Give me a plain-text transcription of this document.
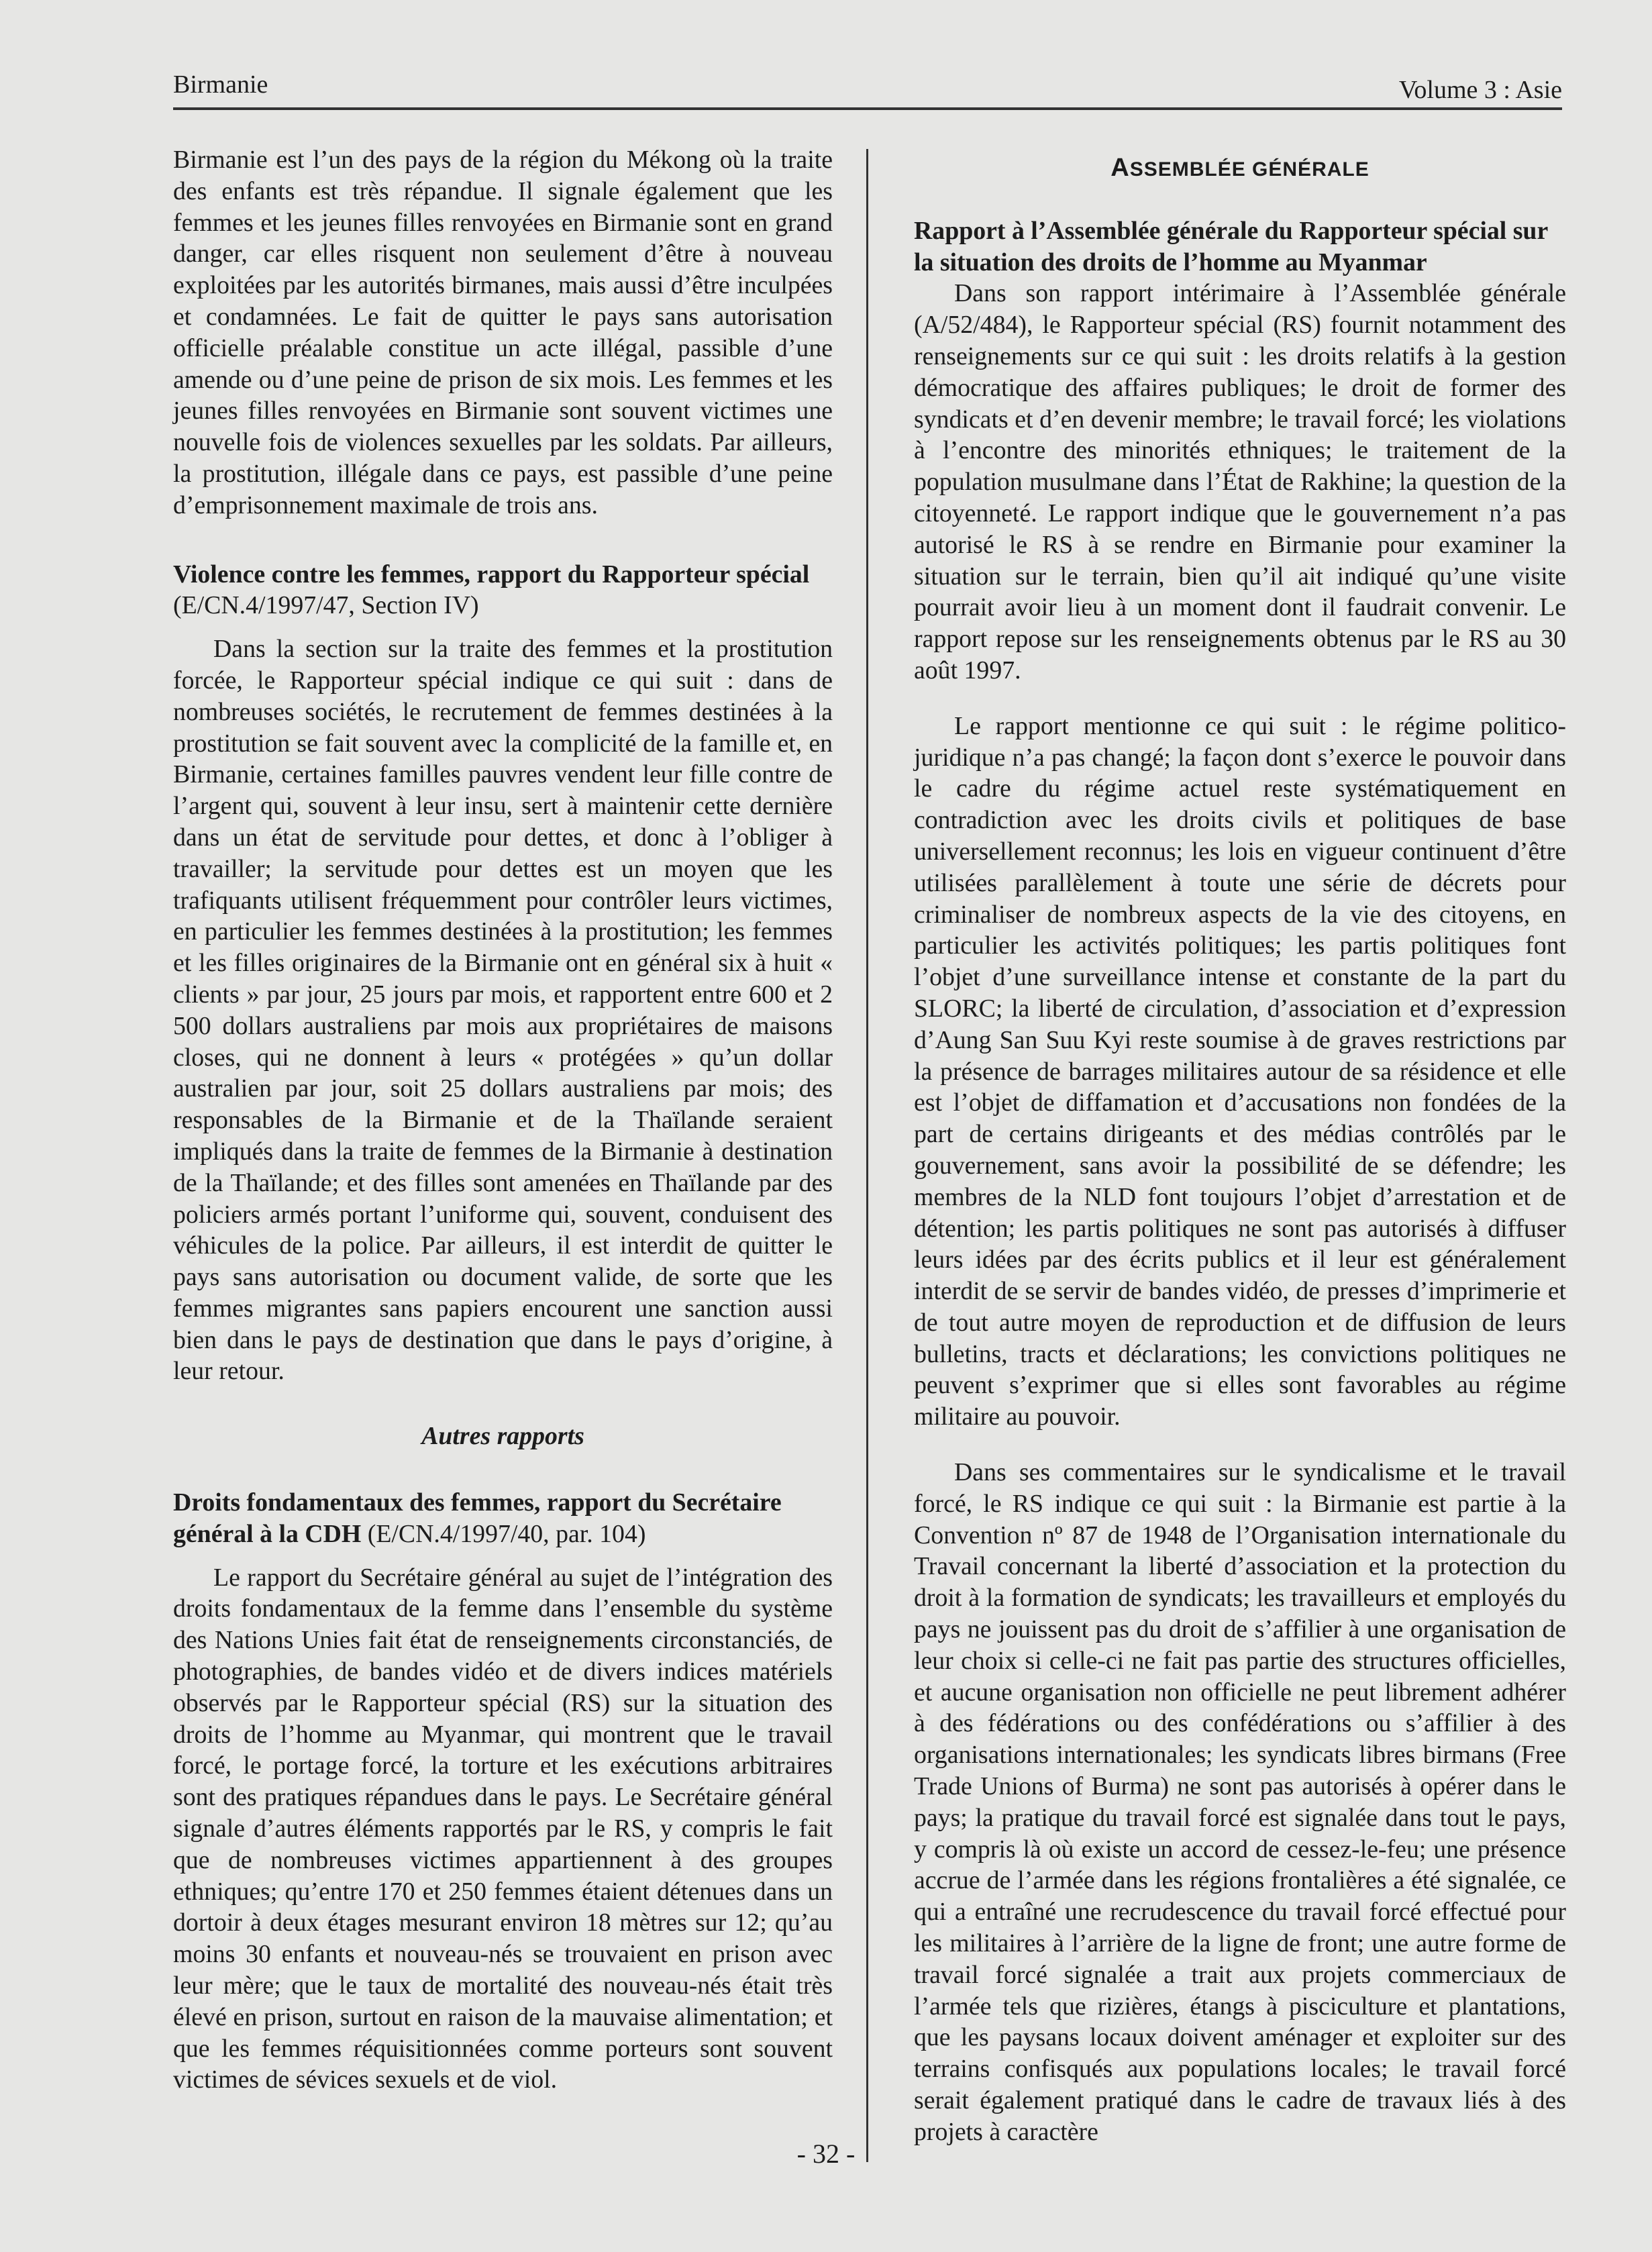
Birmanie	Volume 3 : Asie

Birmanie est l’un des pays de la région du Mékong où la traite des enfants est très répandue. Il signale également que les femmes et les jeunes filles renvoyées en Birmanie sont en grand danger, car elles risquent non seulement d’être à nouveau exploitées par les autorités birmanes, mais aussi d’être inculpées et condamnées. Le fait de quitter le pays sans autorisation officielle préalable constitue un acte illégal, passible d’une amende ou d’une peine de prison de six mois. Les femmes et les jeunes filles renvoyées en Birmanie sont souvent victimes une nouvelle fois de violences sexuelles par les soldats. Par ailleurs, la prostitution, illégale dans ce pays, est passible d’une peine d’emprisonnement maximale de trois ans.

Violence contre les femmes, rapport du Rapporteur spécial (E/CN.4/1997/47, Section IV)

Dans la section sur la traite des femmes et la prostitution forcée, le Rapporteur spécial indique ce qui suit : dans de nombreuses sociétés, le recrutement de femmes destinées à la prostitution se fait souvent avec la complicité de la famille et, en Birmanie, certaines familles pauvres vendent leur fille contre de l’argent qui, souvent à leur insu, sert à maintenir cette dernière dans un état de servitude pour dettes, et donc à l’obliger à travailler; la servitude pour dettes est un moyen que les trafiquants utilisent fréquemment pour contrôler leurs victimes, en particulier les femmes destinées à la prostitution; les femmes et les filles originaires de la Birmanie ont en général six à huit « clients » par jour, 25 jours par mois, et rapportent entre 600 et 2 500 dollars australiens par mois aux propriétaires de maisons closes, qui ne donnent à leurs « protégées » qu’un dollar australien par jour, soit 25 dollars australiens par mois; des responsables de la Birmanie et de la Thaïlande seraient impliqués dans la traite de femmes de la Birmanie à destination de la Thaïlande; et des filles sont amenées en Thaïlande par des policiers armés portant l’uniforme qui, souvent, conduisent des véhicules de la police. Par ailleurs, il est interdit de quitter le pays sans autorisation ou document valide, de sorte que les femmes migrantes sans papiers encourent une sanction aussi bien dans le pays de destination que dans le pays d’origine, à leur retour.

Autres rapports
Droits fondamentaux des femmes, rapport du Secrétaire général à la CDH (E/CN.4/1997/40, par. 104)

Le rapport du Secrétaire général au sujet de l’intégration des droits fondamentaux de la femme dans l’ensemble du système des Nations Unies fait état de renseignements circonstanciés, de photographies, de bandes vidéo et de divers indices matériels observés par le Rapporteur spécial (RS) sur la situation des droits de l’homme au Myanmar, qui montrent que le travail forcé, le portage forcé, la torture et les exécutions arbitraires sont des pratiques répandues dans le pays. Le Secrétaire général signale d’autres éléments rapportés par le RS, y compris le fait que de nombreuses victimes appartiennent à des groupes ethniques; qu’entre 170 et 250 femmes étaient détenues dans un dortoir à deux étages mesurant environ 18 mètres sur 12; qu’au moins 30 enfants et nouveau-nés se trouvaient en prison avec leur mère; que le taux de mortalité des nouveau-nés était très élevé en prison, surtout en raison de la mauvaise alimentation; et que les femmes réquisitionnées comme porteurs sont souvent victimes de sévices sexuels et de viol.

ASSEMBLÉE GÉNÉRALE
Rapport à l’Assemblée générale du Rapporteur spécial sur la situation des droits de l’homme au Myanmar

Dans son rapport intérimaire à l’Assemblée générale (A/52/484), le Rapporteur spécial (RS) fournit notamment des renseignements sur ce qui suit : les droits relatifs à la gestion démocratique des affaires publiques; le droit de former des syndicats et d’en devenir membre; le travail forcé; les violations à l’encontre des minorités ethniques; le traitement de la population musulmane dans l’État de Rakhine; la question de la citoyenneté. Le rapport indique que le gouvernement n’a pas autorisé le RS à se rendre en Birmanie pour examiner la situation sur le terrain, bien qu’il ait indiqué qu’une visite pourrait avoir lieu à un moment dont il faudrait convenir. Le rapport repose sur les renseignements obtenus par le RS au 30 août 1997.

Le rapport mentionne ce qui suit : le régime politico-juridique n’a pas changé; la façon dont s’exerce le pouvoir dans le cadre du régime actuel reste systématiquement en contradiction avec les droits civils et politiques de base universellement reconnus; les lois en vigueur continuent d’être utilisées parallèlement à toute une série de décrets pour criminaliser de nombreux aspects de la vie des citoyens, en particulier les activités politiques; les partis politiques font l’objet d’une surveillance intense et constante de la part du SLORC; la liberté de circulation, d’association et d’expression d’Aung San Suu Kyi reste soumise à de graves restrictions par la présence de barrages militaires autour de sa résidence et elle est l’objet de diffamation et d’accusations non fondées de la part de certains dirigeants et des médias contrôlés par le gouvernement, sans avoir la possibilité de se défendre; les membres de la NLD font toujours l’objet d’arrestation et de détention; les partis politiques ne sont pas autorisés à diffuser leurs idées par des écrits publics et il leur est généralement interdit de se servir de bandes vidéo, de presses d’imprimerie et de tout autre moyen de reproduction et de diffusion de leurs bulletins, tracts et déclarations; les convictions politiques ne peuvent s’exprimer que si elles sont favorables au régime militaire au pouvoir.

Dans ses commentaires sur le syndicalisme et le travail forcé, le RS indique ce qui suit : la Birmanie est partie à la Convention nº 87 de 1948 de l’Organisation internationale du Travail concernant la liberté d’association et la protection du droit à la formation de syndicats; les travailleurs et employés du pays ne jouissent pas du droit de s’affilier à une organisation de leur choix si celle-ci ne fait pas partie des structures officielles, et aucune organisation non officielle ne peut librement adhérer à des fédérations ou des confédérations ou s’affilier à des organisations internationales; les syndicats libres birmans (Free Trade Unions of Burma) ne sont pas autorisés à opérer dans le pays; la pratique du travail forcé est signalée dans tout le pays, y compris là où existe un accord de cessez-le-feu; une présence accrue de l’armée dans les régions frontalières a été signalée, ce qui a entraîné une recrudescence du travail forcé effectué pour les militaires à l’arrière de la ligne de front; une autre forme de travail forcé signalée a trait aux projets commerciaux de l’armée tels que rizières, étangs à pisciculture et plantations, que les paysans locaux doivent aménager et exploiter sur des terrains confisqués aux populations locales; le travail forcé serait également pratiqué dans le cadre de travaux liés à des projets à caractère

- 32 -
